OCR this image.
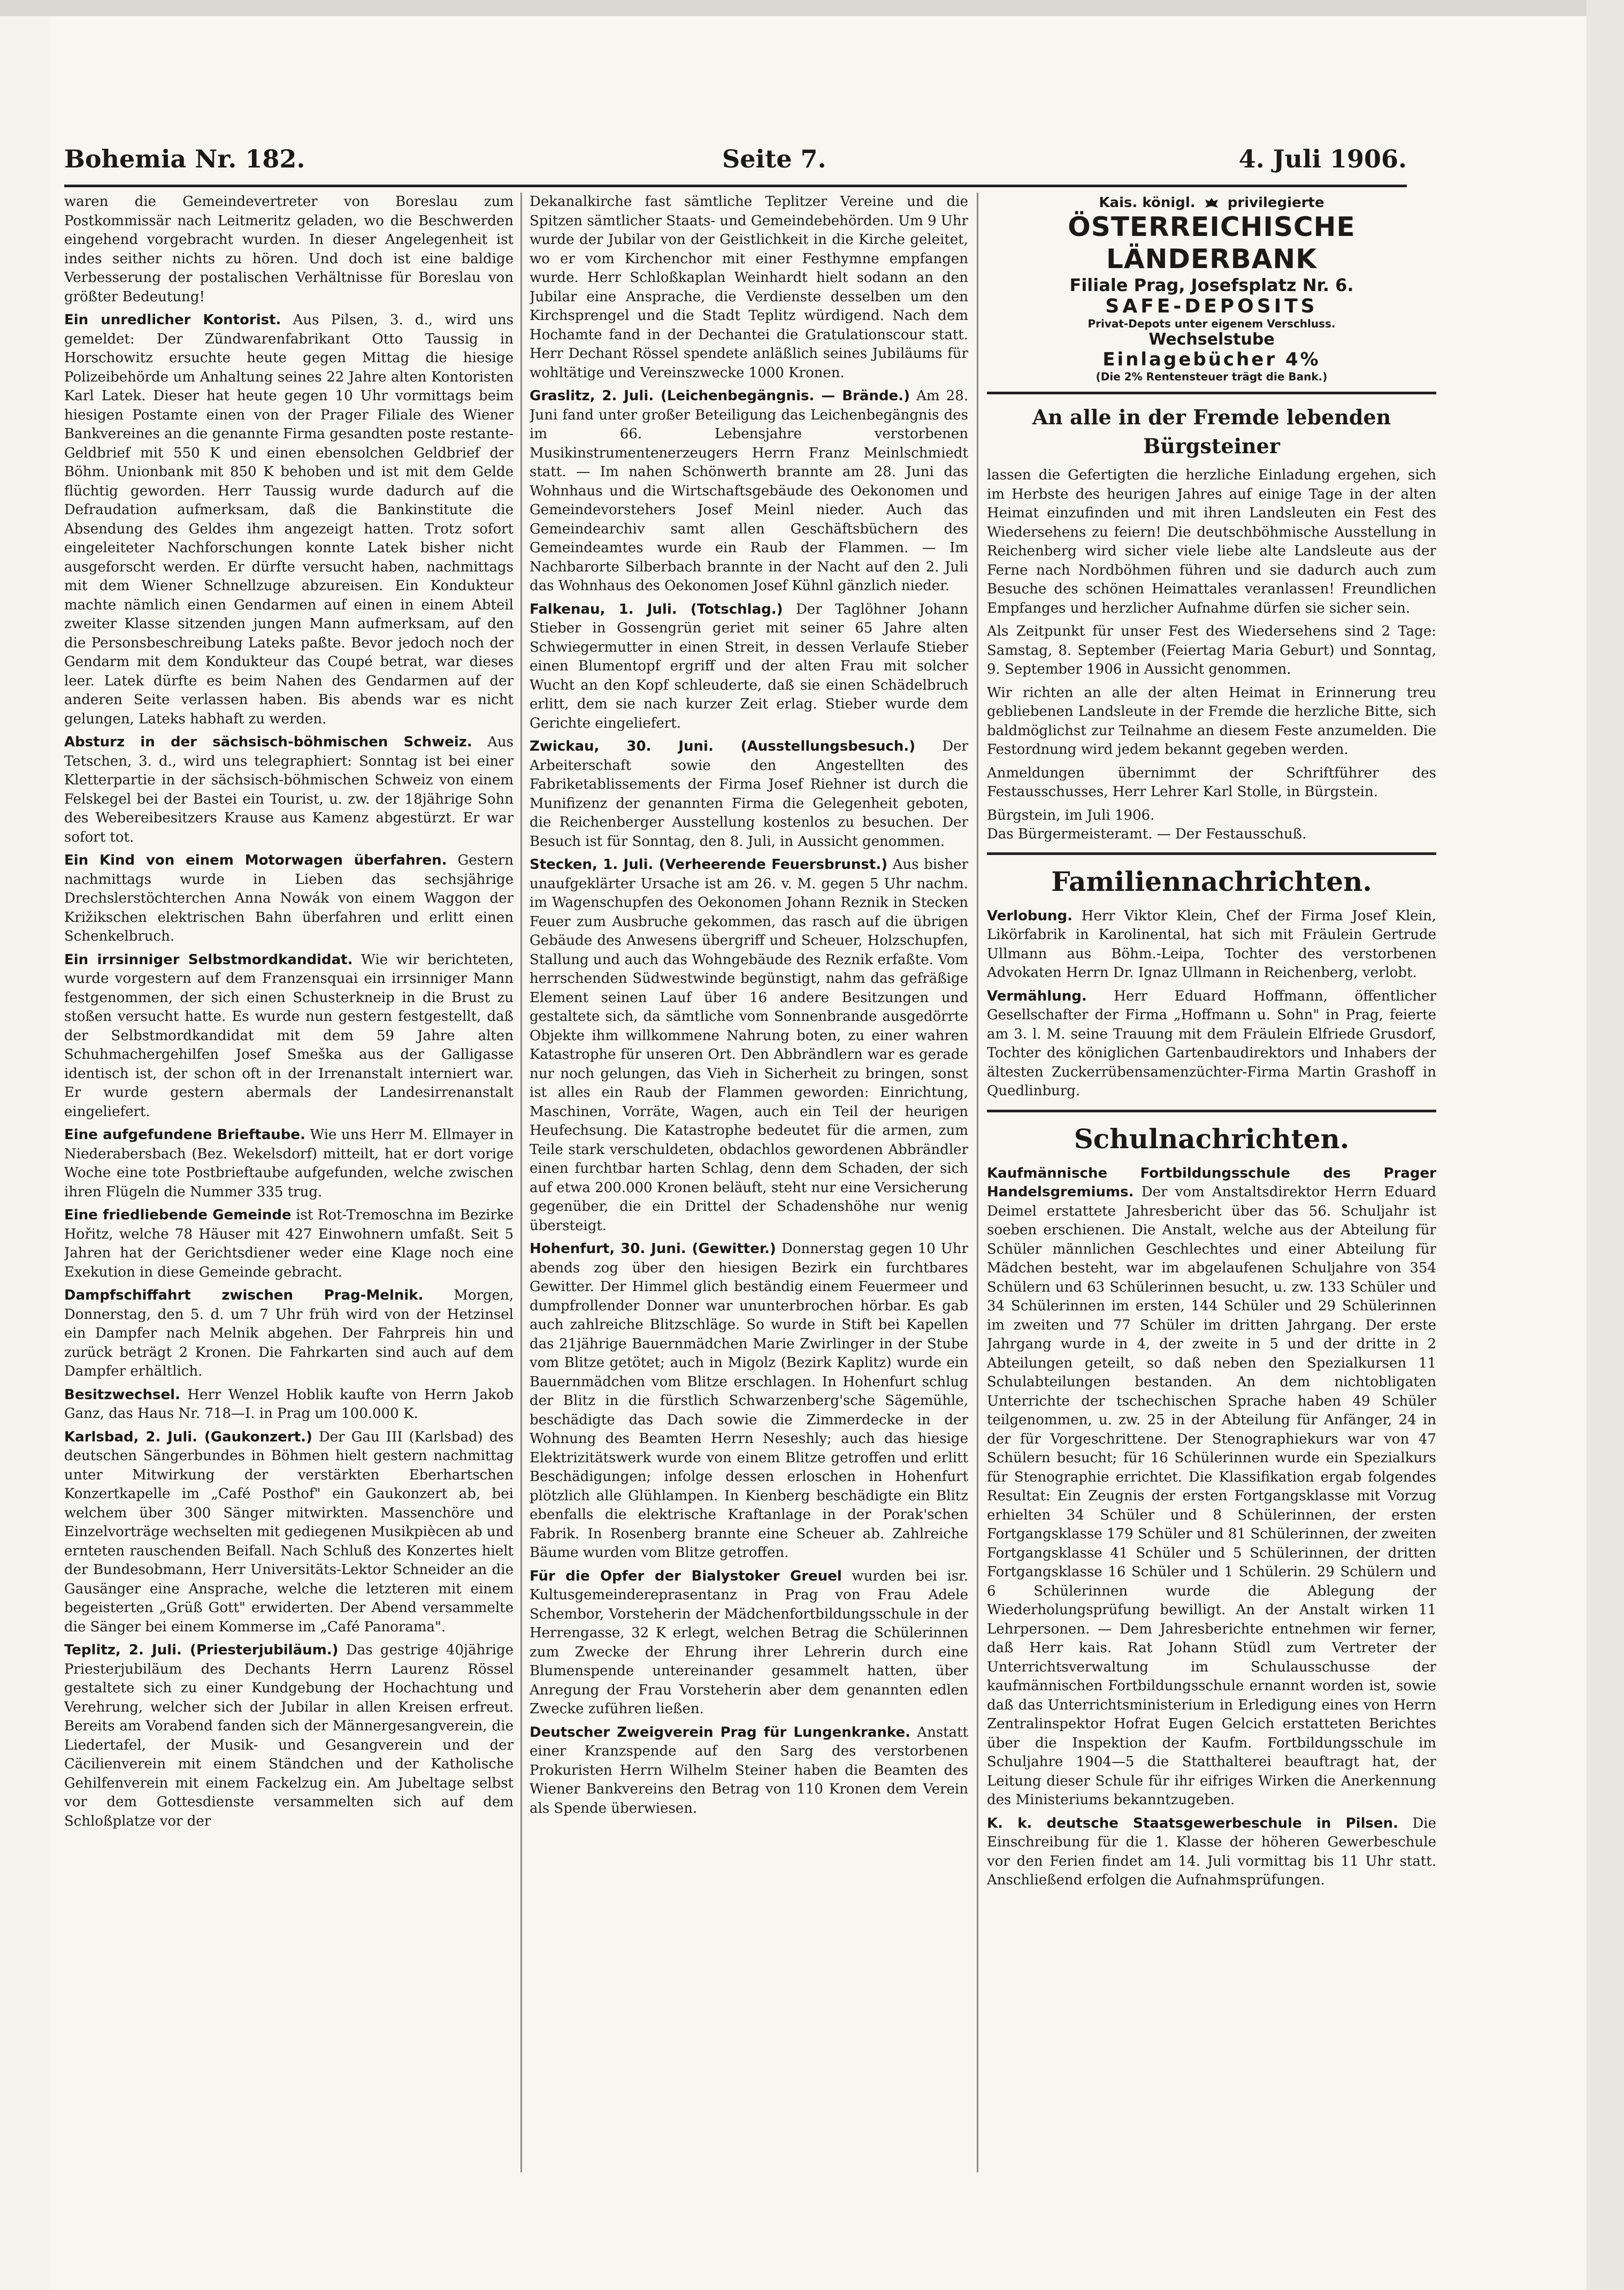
Bohemia Nr. 182.	Seite 7.	4. Juli 1906.

waren die Gemeindevertreter von Boreslau zum Postkommissär nach Leitmeritz geladen, wo die Beschwerden eingehend vorgebracht wurden. In dieser Angelegenheit ist indes seither nichts zu hören. Und doch ist eine baldige Verbesserung der postalischen Verhältnisse für Boreslau von größter Bedeutung!

Ein unredlicher Kontorist. Aus Pilsen, 3. d., wird uns gemeldet: Der Zündwarenfabrikant Otto Taussig in Horschowitz ersuchte heute gegen Mittag die hiesige Polizeibehörde um Anhaltung seines 22 Jahre alten Kontoristen Karl Latek. Dieser hat heute gegen 10 Uhr vormittags beim hiesigen Postamte einen von der Prager Filiale des Wiener Bankvereines an die genannte Firma gesandten poste restante-Geldbrief mit 550 K und einen ebensolchen Geldbrief der Böhm. Unionbank mit 850 K behoben und ist mit dem Gelde flüchtig geworden. Herr Taussig wurde dadurch auf die Defraudation aufmerksam, daß die Bankinstitute die Absendung des Geldes ihm angezeigt hatten. Trotz sofort eingeleiteter Nachforschungen konnte Latek bisher nicht ausgeforscht werden. Er dürfte versucht haben, nachmittags mit dem Wiener Schnellzuge abzureisen. Ein Kondukteur machte nämlich einen Gendarmen auf einen in einem Abteil zweiter Klasse sitzenden jungen Mann aufmerksam, auf den die Personsbeschreibung Lateks paßte. Bevor jedoch noch der Gendarm mit dem Kondukteur das Coupé betrat, war dieses leer. Latek dürfte es beim Nahen des Gendarmen auf der anderen Seite verlassen haben. Bis abends war es nicht gelungen, Lateks habhaft zu werden.

Absturz in der sächsisch-böhmischen Schweiz. Aus Tetschen, 3. d., wird uns telegraphiert: Sonntag ist bei einer Kletterpartie in der sächsisch-böhmischen Schweiz von einem Felskegel bei der Bastei ein Tourist, u. zw. der 18jährige Sohn des Webereibesitzers Krause aus Kamenz abgestürzt. Er war sofort tot.

Ein Kind von einem Motorwagen überfahren. Gestern nachmittags wurde in Lieben das sechsjährige Drechslerstöchterchen Anna Nowák von einem Waggon der Križikschen elektrischen Bahn überfahren und erlitt einen Schenkelbruch.

Ein irrsinniger Selbstmordkandidat. Wie wir berichteten, wurde vorgestern auf dem Franzensquai ein irrsinniger Mann festgenommen, der sich einen Schusterkneip in die Brust zu stoßen versucht hatte. Es wurde nun gestern festgestellt, daß der Selbstmordkandidat mit dem 59 Jahre alten Schuhmachergehilfen Josef Smeška aus der Galligasse identisch ist, der schon oft in der Irrenanstalt interniert war. Er wurde gestern abermals der Landesirrenanstalt eingeliefert.

Eine aufgefundene Brieftaube. Wie uns Herr M. Ellmayer in Niederabersbach (Bez. Wekelsdorf) mitteilt, hat er dort vorige Woche eine tote Postbrieftaube aufgefunden, welche zwischen ihren Flügeln die Nummer 335 trug.

Eine friedliebende Gemeinde ist Rot-Tremoschna im Bezirke Hořitz, welche 78 Häuser mit 427 Einwohnern umfaßt. Seit 5 Jahren hat der Gerichtsdiener weder eine Klage noch eine Exekution in diese Gemeinde gebracht.

Dampfschiffahrt zwischen Prag-Melnik. Morgen, Donnerstag, den 5. d. um 7 Uhr früh wird von der Hetzinsel ein Dampfer nach Melnik abgehen. Der Fahrpreis hin und zurück beträgt 2 Kronen. Die Fahrkarten sind auch auf dem Dampfer erhältlich.

Besitzwechsel. Herr Wenzel Hoblik kaufte von Herrn Jakob Ganz, das Haus Nr. 718—I. in Prag um 100.000 K.

Karlsbad, 2. Juli. (Gaukonzert.) Der Gau III (Karlsbad) des deutschen Sängerbundes in Böhmen hielt gestern nachmittag unter Mitwirkung der verstärkten Eberhartschen Konzertkapelle im „Café Posthof" ein Gaukonzert ab, bei welchem über 300 Sänger mitwirkten. Massenchöre und Einzelvorträge wechselten mit gediegenen Musikpiècen ab und ernteten rauschenden Beifall. Nach Schluß des Konzertes hielt der Bundesobmann, Herr Universitäts-Lektor Schneider an die Gausänger eine Ansprache, welche die letzteren mit einem begeisterten „Grüß Gott" erwiderten. Der Abend versammelte die Sänger bei einem Kommerse im „Café Panorama".

Teplitz, 2. Juli. (Priesterjubiläum.) Das gestrige 40jährige Priesterjubiläum des Dechants Herrn Laurenz Rössel gestaltete sich zu einer Kundgebung der Hochachtung und Verehrung, welcher sich der Jubilar in allen Kreisen erfreut. Bereits am Vorabend fanden sich der Männergesangverein, die Liedertafel, der Musik- und Gesangverein und der Cäcilienverein mit einem Ständchen und der Katholische Gehilfenverein mit einem Fackelzug ein. Am Jubeltage selbst vor dem Gottesdienste versammelten sich auf dem Schloßplatze vor der

Dekanalkirche fast sämtliche Teplitzer Vereine und die Spitzen sämtlicher Staats- und Gemeindebehörden. Um 9 Uhr wurde der Jubilar von der Geistlichkeit in die Kirche geleitet, wo er vom Kirchenchor mit einer Festhymne empfangen wurde. Herr Schloßkaplan Weinhardt hielt sodann an den Jubilar eine Ansprache, die Verdienste desselben um den Kirchsprengel und die Stadt Teplitz würdigend. Nach dem Hochamte fand in der Dechantei die Gratulationscour statt. Herr Dechant Rössel spendete anläßlich seines Jubiläums für wohltätige und Vereinszwecke 1000 Kronen.

Graslitz, 2. Juli. (Leichenbegängnis. — Brände.) Am 28. Juni fand unter großer Beteiligung das Leichenbegängnis des im 66. Lebensjahre verstorbenen Musikinstrumentenerzeugers Herrn Franz Meinlschmiedt statt. — Im nahen Schönwerth brannte am 28. Juni das Wohnhaus und die Wirtschaftsgebäude des Oekonomen und Gemeindevorstehers Josef Meinl nieder. Auch das Gemeindearchiv samt allen Geschäftsbüchern des Gemeindeamtes wurde ein Raub der Flammen. — Im Nachbarorte Silberbach brannte in der Nacht auf den 2. Juli das Wohnhaus des Oekonomen Josef Kühnl gänzlich nieder.

Falkenau, 1. Juli. (Totschlag.) Der Taglöhner Johann Stieber in Gossengrün geriet mit seiner 65 Jahre alten Schwiegermutter in einen Streit, in dessen Verlaufe Stieber einen Blumentopf ergriff und der alten Frau mit solcher Wucht an den Kopf schleuderte, daß sie einen Schädelbruch erlitt, dem sie nach kurzer Zeit erlag. Stieber wurde dem Gerichte eingeliefert.

Zwickau, 30. Juni. (Ausstellungsbesuch.) Der Arbeiterschaft sowie den Angestellten des Fabriketablissements der Firma Josef Riehner ist durch die Munifizenz der genannten Firma die Gelegenheit geboten, die Reichenberger Ausstellung kostenlos zu besuchen. Der Besuch ist für Sonntag, den 8. Juli, in Aussicht genommen.

Stecken, 1. Juli. (Verheerende Feuersbrunst.) Aus bisher unaufgeklärter Ursache ist am 26. v. M. gegen 5 Uhr nachm. im Wagenschupfen des Oekonomen Johann Reznik in Stecken Feuer zum Ausbruche gekommen, das rasch auf die übrigen Gebäude des Anwesens übergriff und Scheuer, Holzschupfen, Stallung und auch das Wohngebäude des Reznik erfaßte. Vom herrschenden Südwestwinde begünstigt, nahm das gefräßige Element seinen Lauf über 16 andere Besitzungen und gestaltete sich, da sämtliche vom Sonnenbrande ausgedörrte Objekte ihm willkommene Nahrung boten, zu einer wahren Katastrophe für unseren Ort. Den Abbrändlern war es gerade nur noch gelungen, das Vieh in Sicherheit zu bringen, sonst ist alles ein Raub der Flammen geworden: Einrichtung, Maschinen, Vorräte, Wagen, auch ein Teil der heurigen Heufechsung. Die Katastrophe bedeutet für die armen, zum Teile stark verschuldeten, obdachlos gewordenen Abbrändler einen furchtbar harten Schlag, denn dem Schaden, der sich auf etwa 200.000 Kronen beläuft, steht nur eine Versicherung gegenüber, die ein Drittel der Schadenshöhe nur wenig übersteigt.

Hohenfurt, 30. Juni. (Gewitter.) Donnerstag gegen 10 Uhr abends zog über den hiesigen Bezirk ein furchtbares Gewitter. Der Himmel glich beständig einem Feuermeer und dumpfrollender Donner war ununterbrochen hörbar. Es gab auch zahlreiche Blitzschläge. So wurde in Stift bei Kapellen das 21jährige Bauernmädchen Marie Zwirlinger in der Stube vom Blitze getötet; auch in Migolz (Bezirk Kaplitz) wurde ein Bauernmädchen vom Blitze erschlagen. In Hohenfurt schlug der Blitz in die fürstlich Schwarzenberg'sche Sägemühle, beschädigte das Dach sowie die Zimmerdecke in der Wohnung des Beamten Herrn Neseshly; auch das hiesige Elektrizitätswerk wurde von einem Blitze getroffen und erlitt Beschädigungen; infolge dessen erloschen in Hohenfurt plötzlich alle Glühlampen. In Kienberg beschädigte ein Blitz ebenfalls die elektrische Kraftanlage in der Porak'schen Fabrik. In Rosenberg brannte eine Scheuer ab. Zahlreiche Bäume wurden vom Blitze getroffen.

Für die Opfer der Bialystoker Greuel wurden bei isr. Kultusgemeindereprasentanz in Prag von Frau Adele Schembor, Vorsteherin der Mädchenfortbildungsschule in der Herrengasse, 32 K erlegt, welchen Betrag die Schülerinnen zum Zwecke der Ehrung ihrer Lehrerin durch eine Blumenspende untereinander gesammelt hatten, über Anregung der Frau Vorsteherin aber dem genannten edlen Zwecke zuführen ließen.

Deutscher Zweigverein Prag für Lungenkranke. Anstatt einer Kranzspende auf den Sarg des verstorbenen Prokuristen Herrn Wilhelm Steiner haben die Beamten des Wiener Bankvereins den Betrag von 110 Kronen dem Verein als Spende überwiesen.

Kais. königl. privilegierte
ÖSTERREICHISCHE LÄNDERBANK
Filiale Prag, Josefsplatz Nr. 6.
SAFE-DEPOSITS
Privat-Depots unter eigenem Verschluss.
Wechselstube
Einlagebücher 4%
(Die 2% Rentensteuer trägt die Bank.)
An alle in der Fremde lebenden Bürgsteiner

lassen die Gefertigten die herzliche Einladung ergehen, sich im Herbste des heurigen Jahres auf einige Tage in der alten Heimat einzufinden und mit ihren Landsleuten ein Fest des Wiedersehens zu feiern! Die deutschböhmische Ausstellung in Reichenberg wird sicher viele liebe alte Landsleute aus der Ferne nach Nordböhmen führen und sie dadurch auch zum Besuche des schönen Heimattales veranlassen! Freundlichen Empfanges und herzlicher Aufnahme dürfen sie sicher sein.

Als Zeitpunkt für unser Fest des Wiedersehens sind 2 Tage: Samstag, 8. September (Feiertag Maria Geburt) und Sonntag, 9. September 1906 in Aussicht genommen.

Wir richten an alle der alten Heimat in Erinnerung treu gebliebenen Landsleute in der Fremde die herzliche Bitte, sich baldmöglichst zur Teilnahme an diesem Feste anzumelden. Die Festordnung wird jedem bekannt gegeben werden.

Anmeldungen übernimmt der Schriftführer des Festausschusses, Herr Lehrer Karl Stolle, in Bürgstein.

Bürgstein, im Juli 1906.
Das Bürgermeisteramt. — Der Festausschuß.
Familiennachrichten.

Verlobung. Herr Viktor Klein, Chef der Firma Josef Klein, Likörfabrik in Karolinental, hat sich mit Fräulein Gertrude Ullmann aus Böhm.-Leipa, Tochter des verstorbenen Advokaten Herrn Dr. Ignaz Ullmann in Reichenberg, verlobt.

Vermählung. Herr Eduard Hoffmann, öffentlicher Gesellschafter der Firma „Hoffmann u. Sohn" in Prag, feierte am 3. l. M. seine Trauung mit dem Fräulein Elfriede Grusdorf, Tochter des königlichen Gartenbaudirektors und Inhabers der ältesten Zuckerrübensamenzüchter-Firma Martin Grashoff in Quedlinburg.

Schulnachrichten.

Kaufmännische Fortbildungsschule des Prager Handelsgremiums. Der vom Anstaltsdirektor Herrn Eduard Deimel erstattete Jahresbericht über das 56. Schuljahr ist soeben erschienen. Die Anstalt, welche aus der Abteilung für Schüler männlichen Geschlechtes und einer Abteilung für Mädchen besteht, war im abgelaufenen Schuljahre von 354 Schülern und 63 Schülerinnen besucht, u. zw. 133 Schüler und 34 Schülerinnen im ersten, 144 Schüler und 29 Schülerinnen im zweiten und 77 Schüler im dritten Jahrgang. Der erste Jahrgang wurde in 4, der zweite in 5 und der dritte in 2 Abteilungen geteilt, so daß neben den Spezialkursen 11 Schulabteilungen bestanden. An dem nichtobligaten Unterrichte der tschechischen Sprache haben 49 Schüler teilgenommen, u. zw. 25 in der Abteilung für Anfänger, 24 in der für Vorgeschrittene. Der Stenographiekurs war von 47 Schülern besucht; für 16 Schülerinnen wurde ein Spezialkurs für Stenographie errichtet. Die Klassifikation ergab folgendes Resultat: Ein Zeugnis der ersten Fortgangsklasse mit Vorzug erhielten 34 Schüler und 8 Schülerinnen, der ersten Fortgangsklasse 179 Schüler und 81 Schülerinnen, der zweiten Fortgangsklasse 41 Schüler und 5 Schülerinnen, der dritten Fortgangsklasse 16 Schüler und 1 Schülerin. 29 Schülern und 6 Schülerinnen wurde die Ablegung der Wiederholungsprüfung bewilligt. An der Anstalt wirken 11 Lehrpersonen. — Dem Jahresberichte entnehmen wir ferner, daß Herr kais. Rat Johann Stüdl zum Vertreter der Unterrichtsverwaltung im Schulausschusse der kaufmännischen Fortbildungsschule ernannt worden ist, sowie daß das Unterrichtsministerium in Erledigung eines von Herrn Zentralinspektor Hofrat Eugen Gelcich erstatteten Berichtes über die Inspektion der Kaufm. Fortbildungsschule im Schuljahre 1904—5 die Statthalterei beauftragt hat, der Leitung dieser Schule für ihr eifriges Wirken die Anerkennung des Ministeriums bekanntzugeben.

K. k. deutsche Staatsgewerbeschule in Pilsen. Die Einschreibung für die 1. Klasse der höheren Gewerbeschule vor den Ferien findet am 14. Juli vormittag bis 11 Uhr statt. Anschließend erfolgen die Aufnahmsprüfungen.
